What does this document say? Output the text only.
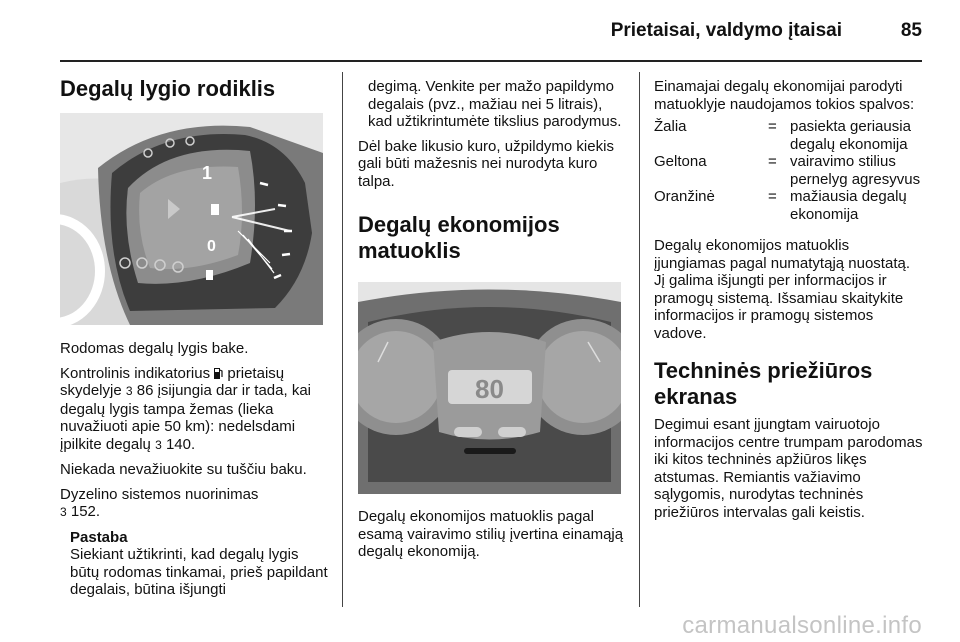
Prietaisai, valdymo įtaisai	85
Degalų lygio rodiklis
1
0

Rodomas degalų lygis bake.

Kontrolinis indikatorius prietaisų skydelyje 3 86 įsijungia dar ir tada, kai degalų lygis tampa žemas (lieka nuvažiuoti apie 50 km): nedelsdami įpilkite degalų 3 140.

Niekada nevažiuokite su tuščiu baku.

Dyzelino sistemos nuorinimas
3 152.

Pastaba
Siekiant užtikrinti, kad degalų lygis būtų rodomas tinkamai, prieš papildant degalais, būtina išjungti

degimą. Venkite per mažo papildymo degalais (pvz., mažiau nei 5 litrais), kad užtikrintumėte tikslius parodymus.

Dėl bake likusio kuro, užpildymo kiekis gali būti mažesnis nei nurodyta kuro talpa.

Degalų ekonomijos matuoklis
80

Degalų ekonomijos matuoklis pagal esamą vairavimo stilių įvertina einamąją degalų ekonomiją.

Einamajai degalų ekonomijai parodyti matuoklyje naudojamos tokios spalvos:

Žalia	= pasiekta geriausia degalų ekonomija
Geltona	= vairavimo stilius pernelyg agresyvus
Oranžinė	= mažiausia degalų ekonomija

Degalų ekonomijos matuoklis įjungiamas pagal numatytąją nuostatą. Jį galima išjungti per informacijos ir pramogų sistemą. Išsamiau skaitykite informacijos ir pramogų sistemos vadove.

Techninės priežiūros ekranas

Degimui esant įjungtam vairuotojo informacijos centre trumpam parodomas iki kitos techninės apžiūros likęs atstumas. Remiantis važiavimo sąlygomis, nurodytas techninės priežiūros intervalas gali keistis.

carmanualsonline.info
